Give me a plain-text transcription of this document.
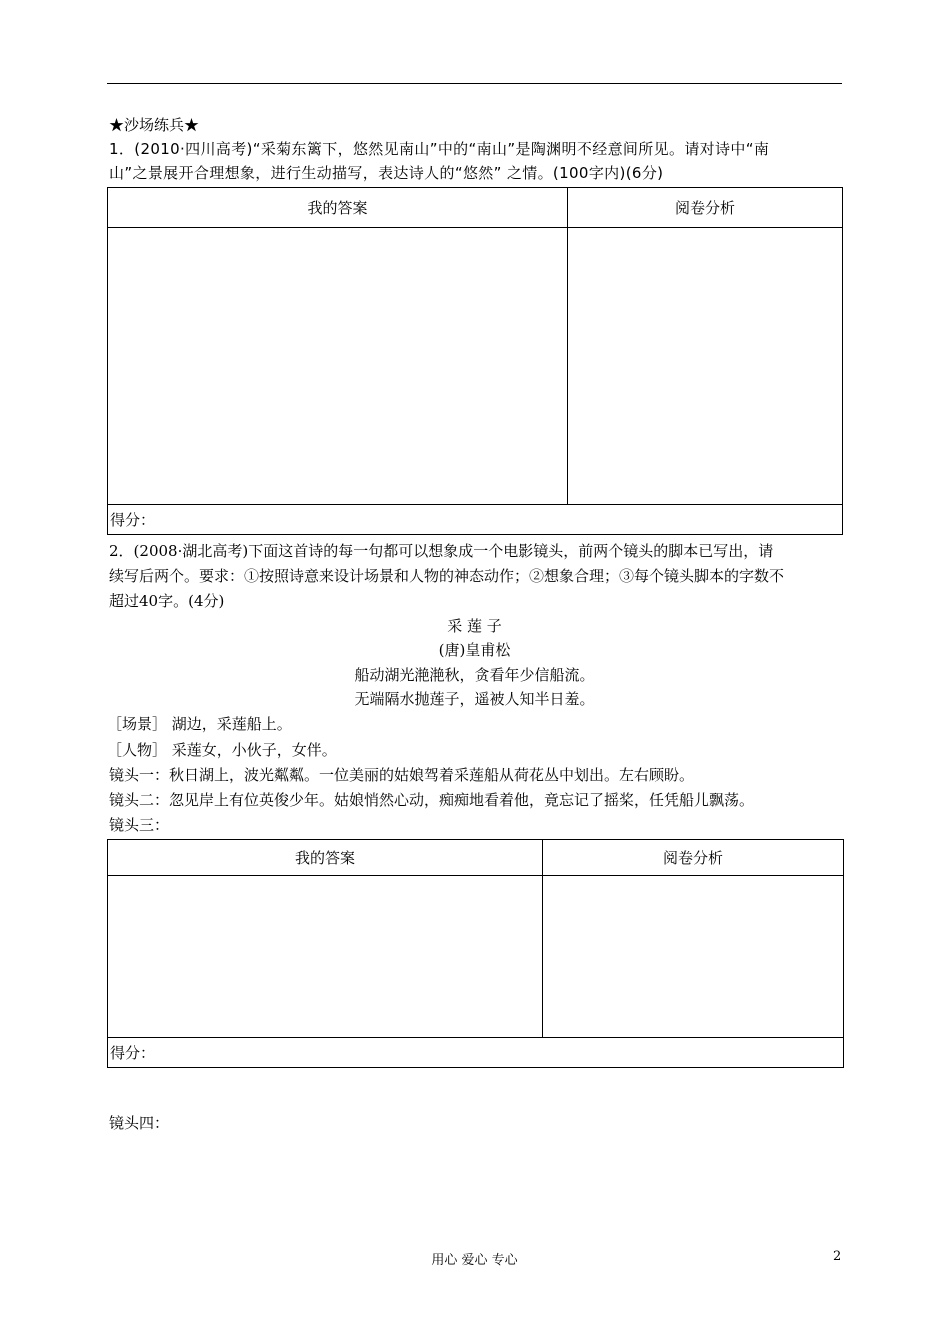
★沙场练兵★
1．(2010·四川高考)“采菊东篱下，悠然见南山”中的“南山”是陶渊明不经意间所见。请对诗中“南
山”之景展开合理想象，进行生动描写，表达诗人的“悠然” 之情。(100字内)(6分)
我的答案	阅卷分析

得分：	
2．(2008·湖北高考)下面这首诗的每一句都可以想象成一个电影镜头，前两个镜头的脚本已写出，请
续写后两个。要求：①按照诗意来设计场景和人物的神态动作；②想象合理；③每个镜头脚本的字数不
超过40字。(4分)
采 莲 子
(唐)皇甫松
船动湖光滟滟秋，贪看年少信船流。
无端隔水抛莲子，遥被人知半日羞。
［场景］ 湖边，采莲船上。
［人物］ 采莲女，小伙子，女伴。
镜头一：秋日湖上，波光粼粼。一位美丽的姑娘驾着采莲船从荷花丛中划出。左右顾盼。
镜头二：忽见岸上有位英俊少年。姑娘悄然心动，痴痴地看着他，竟忘记了摇桨，任凭船儿飘荡。
镜头三：
我的答案	阅卷分析

得分：	
镜头四：
用心 爱心 专心	2
